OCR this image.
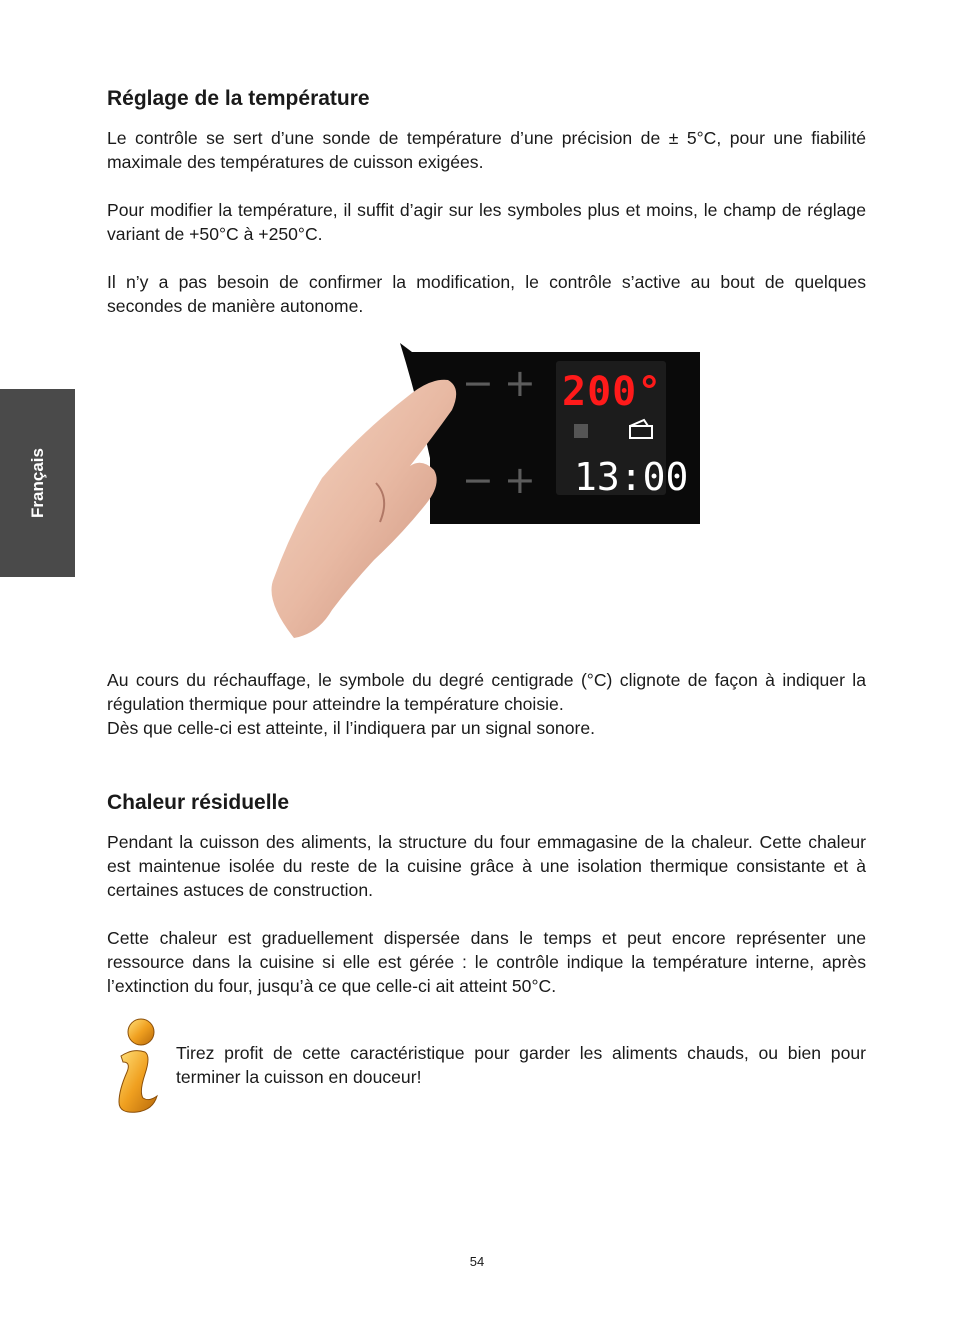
Français
Réglage de la température

Le contrôle se sert d’une sonde de température d’une précision de ± 5°C, pour une fiabilité maximale des températures de cuisson exigées.

Pour modifier la température, il suffit d’agir sur les symboles plus et moins, le champ de réglage variant de +50°C à +250°C.

Il n’y a pas besoin de confirmer la modification, le contrôle s’active au bout de quelques secondes de manière autonome.

− +
− +
200°
13:00

Au cours du réchauffage, le symbole du degré centigrade (°C) clignote de façon à indiquer la régulation thermique pour atteindre la température choisie.

Dès que celle-ci est atteinte, il l’indiquera par un signal sonore.

Chaleur résiduelle

Pendant la cuisson des aliments, la structure du four emmagasine de la chaleur. Cette chaleur est maintenue isolée du reste de la cuisine grâce à une isolation thermique consistante et à certaines astuces de construction.

Cette chaleur est graduellement dispersée dans le temps et peut encore représenter une ressource dans la cuisine si elle est gérée : le contrôle indique la température interne, après l’extinction du four, jusqu’à ce que celle-ci ait atteint 50°C.

Tirez profit de cette caractéristique pour garder les aliments chauds, ou bien pour terminer la cuisson en douceur!

54
